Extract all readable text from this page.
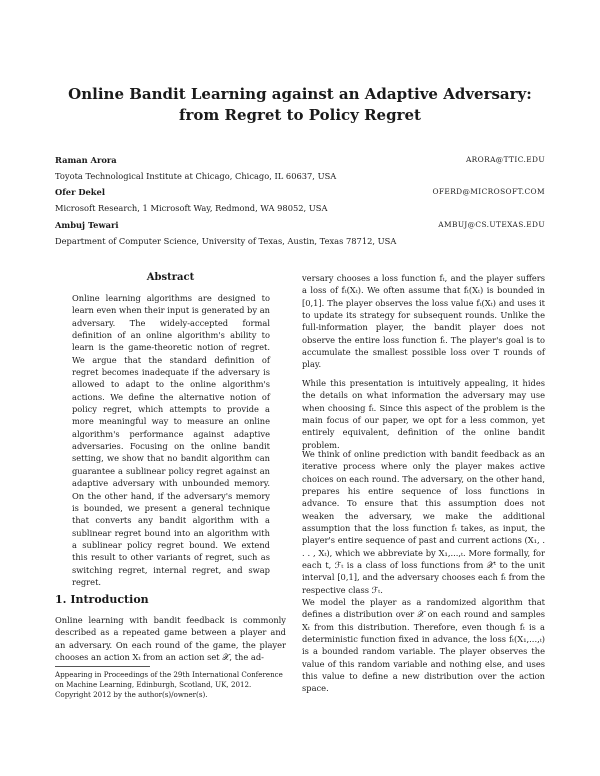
Online Bandit Learning against an Adaptive Adversary:
from Regret to Policy Regret
Raman Arora	ARORA@TTIC.EDU
Toyota Technological Institute at Chicago, Chicago, IL 60637, USA
Ofer Dekel	OFERD@MICROSOFT.COM
Microsoft Research, 1 Microsoft Way, Redmond, WA 98052, USA
Ambuj Tewari	AMBUJ@CS.UTEXAS.EDU
Department of Computer Science, University of Texas, Austin, Texas 78712, USA
Abstract

Online learning algorithms are designed to learn even when their input is generated by an adversary. The widely-accepted formal definition of an online algorithm's ability to learn is the game-theoretic notion of regret. We argue that the standard definition of regret becomes inadequate if the adversary is allowed to adapt to the online algorithm's actions. We define the alternative notion of policy regret, which attempts to provide a more meaningful way to measure an online algorithm's performance against adaptive adversaries. Focusing on the online bandit setting, we show that no bandit algorithm can guarantee a sublinear policy regret against an adaptive adversary with unbounded memory. On the other hand, if the adversary's memory is bounded, we present a general technique that converts any bandit algorithm with a sublinear regret bound into an algorithm with a sublinear policy regret bound. We extend this result to other variants of regret, such as switching regret, internal regret, and swap regret.

1. Introduction

Online learning with bandit feedback is commonly described as a repeated game between a player and an adversary. On each round of the game, the player chooses an action Xₜ from an action set 𝒳, the ad-

Appearing in Proceedings of the 29th International Conference on Machine Learning, Edinburgh, Scotland, UK, 2012. Copyright 2012 by the author(s)/owner(s).

versary chooses a loss function fₜ, and the player suffers a loss of fₜ(Xₜ). We often assume that fₜ(Xₜ) is bounded in [0,1]. The player observes the loss value fₜ(Xₜ) and uses it to update its strategy for subsequent rounds. Unlike the full-information player, the bandit player does not observe the entire loss function fₜ. The player's goal is to accumulate the smallest possible loss over T rounds of play.

While this presentation is intuitively appealing, it hides the details on what information the adversary may use when choosing fₜ. Since this aspect of the problem is the main focus of our paper, we opt for a less common, yet entirely equivalent, definition of the online bandit problem.

We think of online prediction with bandit feedback as an iterative process where only the player makes active choices on each round. The adversary, on the other hand, prepares his entire sequence of loss functions in advance. To ensure that this assumption does not weaken the adversary, we make the additional assumption that the loss function fₜ takes, as input, the player's entire sequence of past and current actions (X₁, . . . , Xₜ), which we abbreviate by X₁,...,ₜ. More formally, for each t, ℱₜ is a class of loss functions from 𝒳ᵗ to the unit interval [0,1], and the adversary chooses each fₜ from the respective class ℱₜ.

We model the player as a randomized algorithm that defines a distribution over 𝒳 on each round and samples Xₜ from this distribution. Therefore, even though fₜ is a deterministic function fixed in advance, the loss fₜ(X₁,...,ₜ) is a bounded random variable. The player observes the value of this random variable and nothing else, and uses this value to define a new distribution over the action space.
